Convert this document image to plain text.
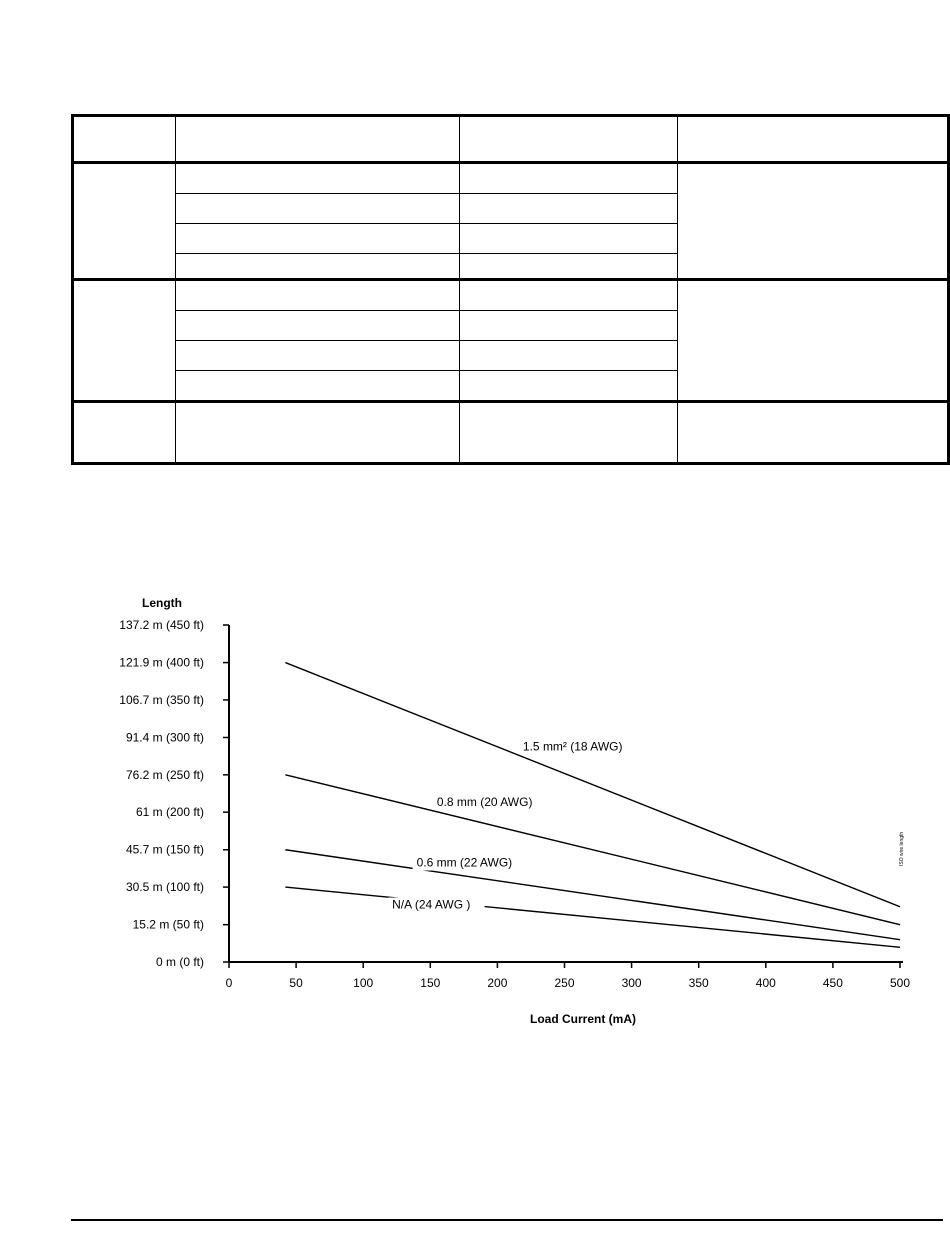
0 m (0 ft)
15.2 m (50 ft)
30.5 m (100 ft)
45.7 m (150 ft)
61 m (200 ft)
76.2 m (250 ft)
91.4 m (300 ft)
106.7 m (350 ft)
121.9 m (400 ft)
137.2 m (450 ft)
0	50	100	150	200	250	300	350	400	450	500
1.5 mm² (18 AWG)
0.8 mm (20 AWG)
0.6 mm (22 AWG)
N/A (24 AWG )
Length
Load Current (mA)
ISO wire length
